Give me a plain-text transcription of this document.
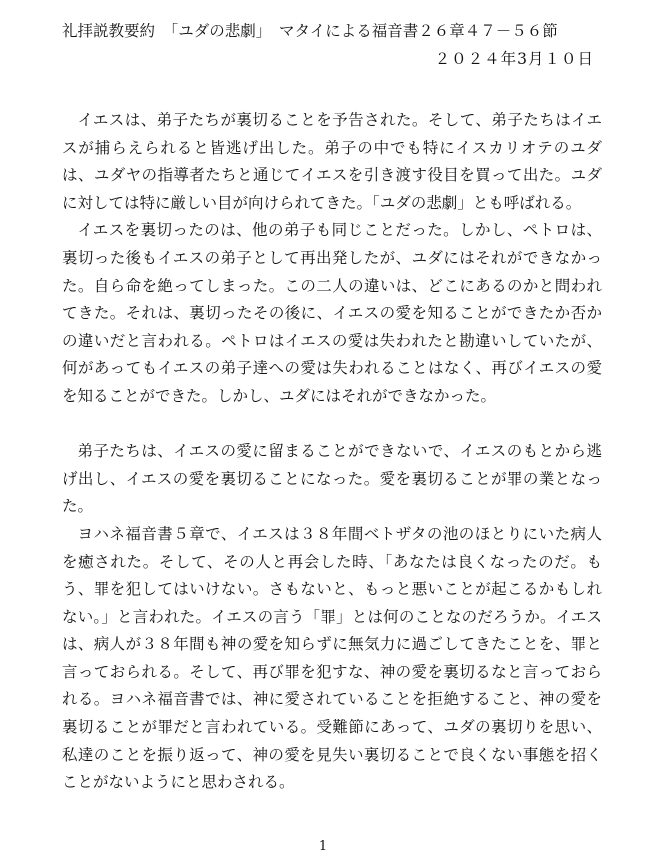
礼拝説教要約　「ユダの悲劇」　マタイによる福音書２６章４７－５６節
２０２４年3月１０日

イエスは、弟子たちが裏切ることを予告された。そして、弟子たちはイエスが捕らえられると皆逃げ出した。弟子の中でも特にイスカリオテのユダは、ユダヤの指導者たちと通じてイエスを引き渡す役目を買って出た。ユダに対しては特に厳しい目が向けられてきた。「ユダの悲劇」とも呼ばれる。

イエスを裏切ったのは、他の弟子も同じことだった。しかし、ペトロは、裏切った後もイエスの弟子として再出発したが、ユダにはそれができなかった。自ら命を絶ってしまった。この二人の違いは、どこにあるのかと問われてきた。それは、裏切ったその後に、イエスの愛を知ることができたか否かの違いだと言われる。ペトロはイエスの愛は失われたと勘違いしていたが、何があってもイエスの弟子達への愛は失われることはなく、再びイエスの愛を知ることができた。しかし、ユダにはそれができなかった。

弟子たちは、イエスの愛に留まることができないで、イエスのもとから逃げ出し、イエスの愛を裏切ることになった。愛を裏切ることが罪の業となった。

ヨハネ福音書５章で、イエスは３８年間ベトザタの池のほとりにいた病人を癒された。そして、その人と再会した時、「あなたは良くなったのだ。もう、罪を犯してはいけない。さもないと、もっと悪いことが起こるかもしれない。」と言われた。イエスの言う「罪」とは何のことなのだろうか。イエスは、病人が３８年間も神の愛を知らずに無気力に過ごしてきたことを、罪と言っておられる。そして、再び罪を犯すな、神の愛を裏切るなと言っておられる。ヨハネ福音書では、神に愛されていることを拒絶すること、神の愛を裏切ることが罪だと言われている。受難節にあって、ユダの裏切りを思い、私達のことを振り返って、神の愛を見失い裏切ることで良くない事態を招くことがないようにと思わされる。

1
